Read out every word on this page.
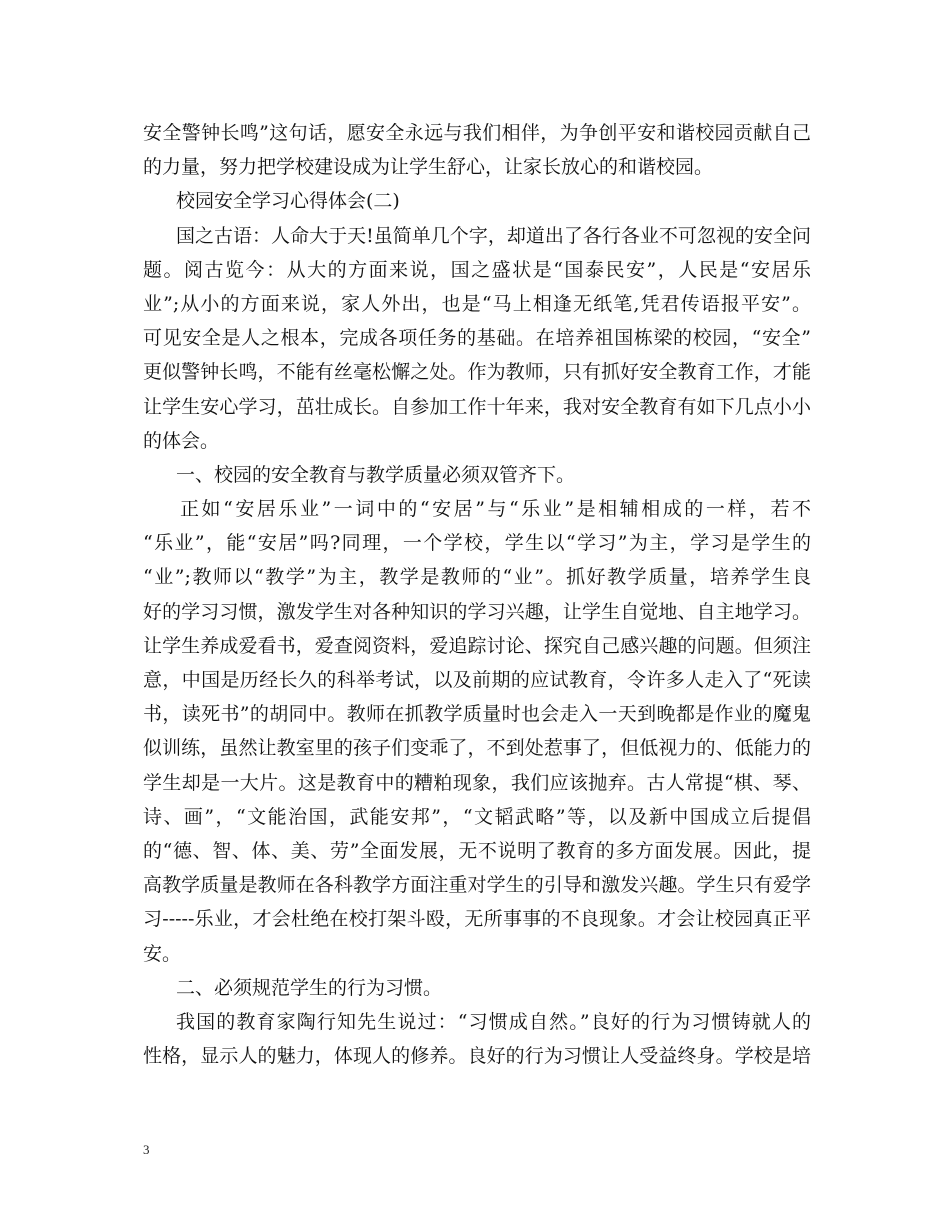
安全警钟长鸣”这句话，愿安全永远与我们相伴，为争创平安和谐校园贡献自己
的力量，努力把学校建设成为让学生舒心，让家长放心的和谐校园。
校园安全学习心得体会(二)
国之古语：人命大于天!虽简单几个字，却道出了各行各业不可忽视的安全问
题。阅古览今：从大的方面来说，国之盛状是“国泰民安”，人民是“安居乐
业”;从小的方面来说，家人外出，也是“马上相逢无纸笔,凭君传语报平安”。
可见安全是人之根本，完成各项任务的基础。在培养祖国栋梁的校园，“安全”
更似警钟长鸣，不能有丝毫松懈之处。作为教师，只有抓好安全教育工作，才能
让学生安心学习，茁壮成长。自参加工作十年来，我对安全教育有如下几点小小
的体会。
一、校园的安全教育与教学质量必须双管齐下。
正如“安居乐业”一词中的“安居”与“乐业”是相辅相成的一样，若不
“乐业”，能“安居”吗?同理，一个学校，学生以“学习”为主，学习是学生的
“业”;教师以“教学”为主，教学是教师的“业”。抓好教学质量，培养学生良
好的学习习惯，激发学生对各种知识的学习兴趣，让学生自觉地、自主地学习。
让学生养成爱看书，爱查阅资料，爱追踪讨论、探究自己感兴趣的问题。但须注
意，中国是历经长久的科举考试，以及前期的应试教育，令许多人走入了“死读
书，读死书”的胡同中。教师在抓教学质量时也会走入一天到晚都是作业的魔鬼
似训练，虽然让教室里的孩子们变乖了，不到处惹事了，但低视力的、低能力的
学生却是一大片。这是教育中的糟粕现象，我们应该抛弃。古人常提“棋、琴、
诗、画”，“文能治国，武能安邦”，“文韬武略”等，以及新中国成立后提倡
的“德、智、体、美、劳”全面发展，无不说明了教育的多方面发展。因此，提
高教学质量是教师在各科教学方面注重对学生的引导和激发兴趣。学生只有爱学
习-----乐业，才会杜绝在校打架斗殴，无所事事的不良现象。才会让校园真正平
安。
二、必须规范学生的行为习惯。
我国的教育家陶行知先生说过：“习惯成自然。”良好的行为习惯铸就人的
性格，显示人的魅力，体现人的修养。良好的行为习惯让人受益终身。学校是培
3
